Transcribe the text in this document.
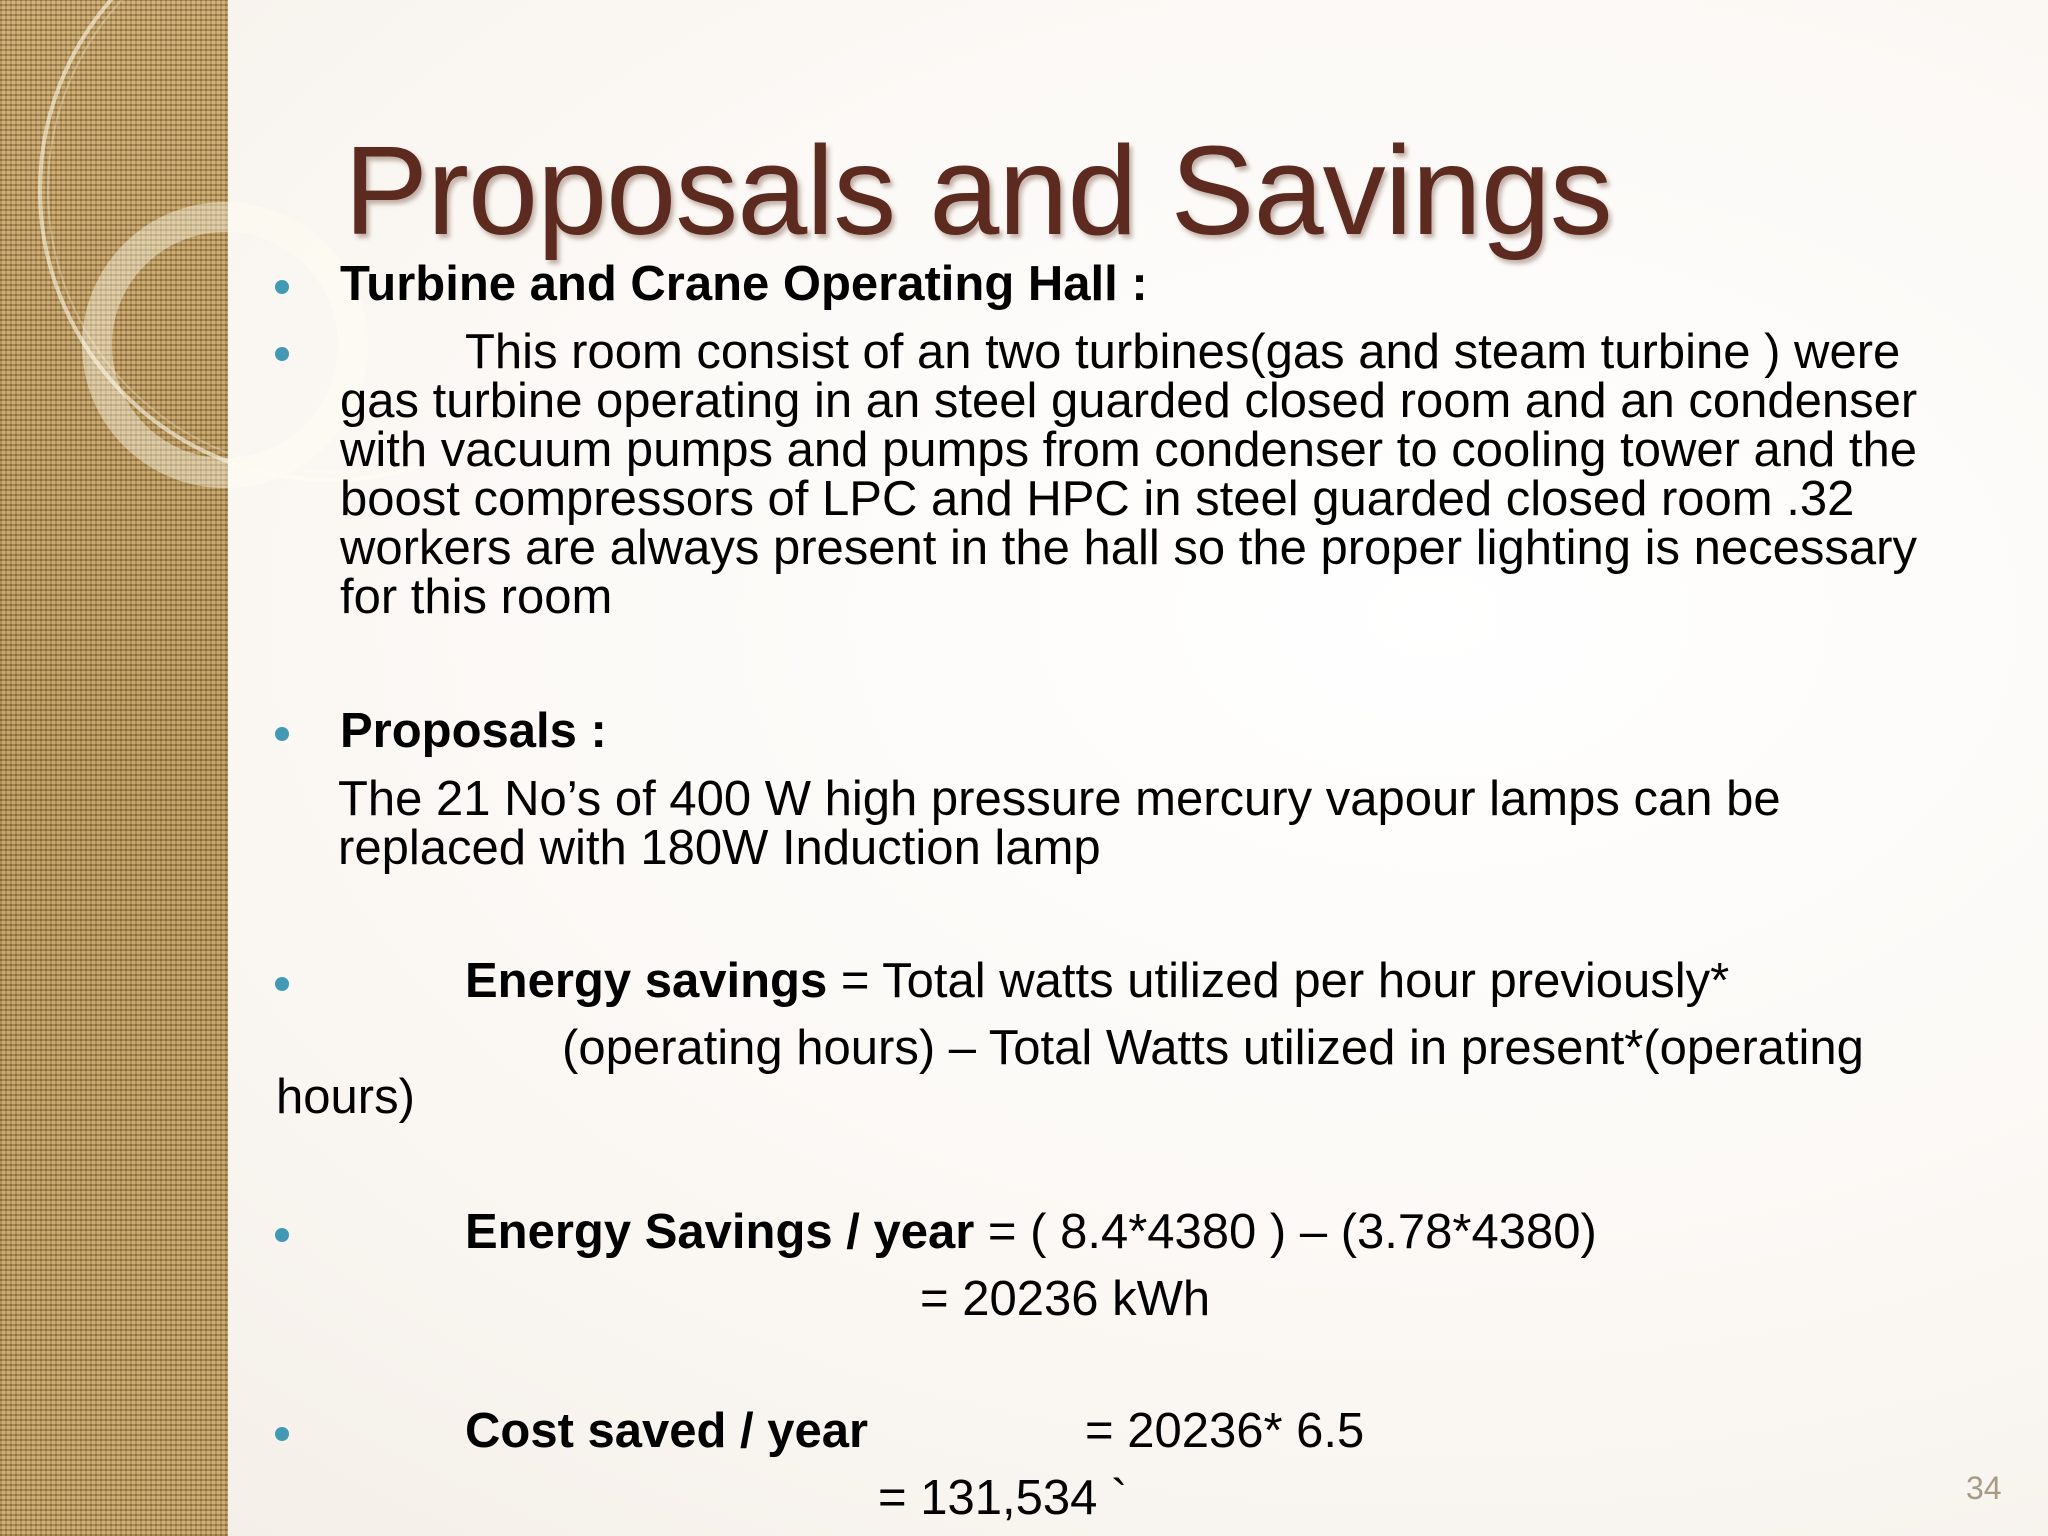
Proposals and Savings
Turbine and Crane Operating Hall :
This room consist of an two turbines(gas and steam turbine ) were
gas turbine operating in an steel guarded closed room and an condenser
with vacuum pumps and pumps from condenser to cooling tower and the
boost compressors of LPC and HPC in steel guarded closed room .32
workers are always present in the hall so the proper lighting is necessary
for this room
Proposals :
The 21 No’s of 400 W high pressure mercury vapour lamps can be
replaced with 180W Induction lamp
Energy savings = Total watts utilized per hour previously*
(operating hours) – Total Watts utilized in present*(operating
hours)
Energy Savings / year = ( 8.4*4380 ) – (3.78*4380)
= 20236 kWh
Cost saved / year	= 20236* 6.5
= 131,534 `	34
